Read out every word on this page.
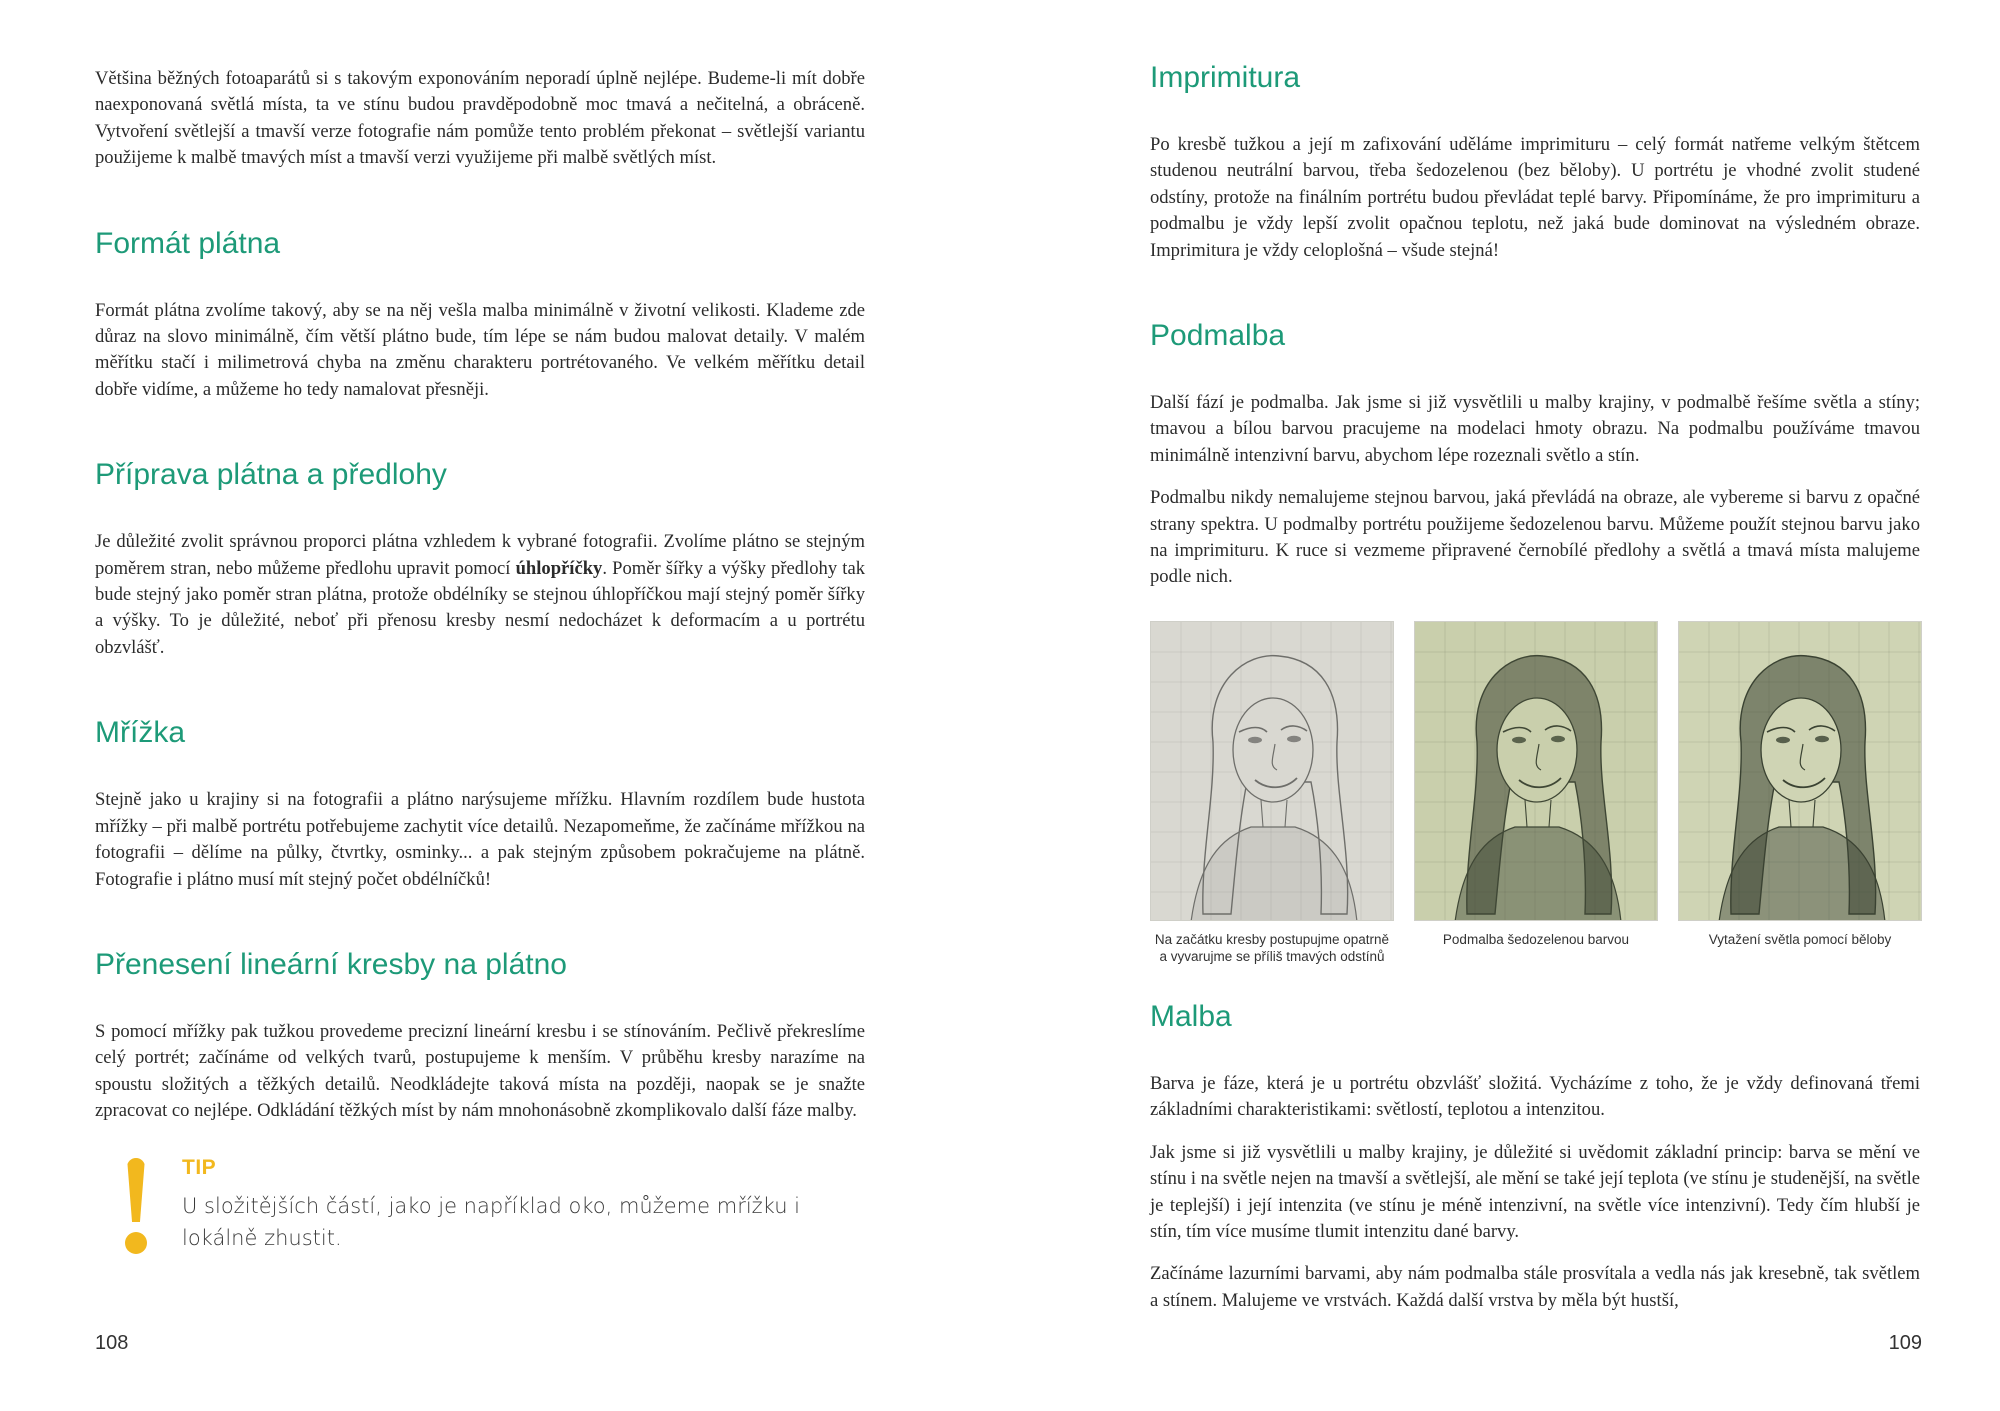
Většina běžných fotoaparátů si s takovým exponováním neporadí úplně nejlépe. Budeme-li mít dobře naexponovaná světlá místa, ta ve stínu budou pravděpodobně moc tmavá a nečitelná, a obráceně. Vytvoření světlejší a tmavší verze fotografie nám pomůže tento problém překonat – světlejší variantu použijeme k malbě tmavých míst a tmavší verzi využijeme při malbě světlých míst.

Formát plátna

Formát plátna zvolíme takový, aby se na něj vešla malba minimálně v životní velikosti. Klademe zde důraz na slovo minimálně, čím větší plátno bude, tím lépe se nám budou malovat detaily. V malém měřítku stačí i milimetrová chyba na změnu charakteru portrétovaného. Ve velkém měřítku detail dobře vidíme, a můžeme ho tedy namalovat přesněji.

Příprava plátna a předlohy

Je důležité zvolit správnou proporci plátna vzhledem k vybrané fotografii. Zvolíme plátno se stejným poměrem stran, nebo můžeme předlohu upravit pomocí úhlopříčky. Poměr šířky a výšky předlohy tak bude stejný jako poměr stran plátna, protože obdélníky se stejnou úhlopříčkou mají stejný poměr šířky a výšky. To je důležité, neboť při přenosu kresby nesmí nedocházet k deformacím a u portrétu obzvlášť.

Mřížka

Stejně jako u krajiny si na fotografii a plátno narýsujeme mřížku. Hlavním rozdílem bude hustota mřížky – při malbě portrétu potřebujeme zachytit více detailů. Nezapomeňme, že začínáme mřížkou na fotografii – dělíme na půlky, čtvrtky, osminky... a pak stejným způsobem pokračujeme na plátně. Fotografie i plátno musí mít stejný počet obdélníčků!

Přenesení lineární kresby na plátno

S pomocí mřížky pak tužkou provedeme precizní lineární kresbu i se stínováním. Pečlivě překreslíme celý portrét; začínáme od velkých tvarů, postupujeme k menším. V průběhu kresby narazíme na spoustu složitých a těžkých detailů. Neodkládejte taková místa na později, naopak se je snažte zpracovat co nejlépe. Odkládání těžkých míst by nám mnohonásobně zkomplikovalo další fáze malby.

TIP
U složitějších částí, jako je například oko, můžeme mřížku i lokálně zhustit.
108
Imprimitura

Po kresbě tužkou a její m zafixování uděláme imprimituru – celý formát natřeme velkým štětcem studenou neutrální barvou, třeba šedozelenou (bez běloby). U portrétu je vhodné zvolit studené odstíny, protože na finálním portrétu budou převládat teplé barvy. Připomínáme, že pro imprimituru a podmalbu je vždy lepší zvolit opačnou teplotu, než jaká bude dominovat na výsledném obraze. Imprimitura je vždy celoplošná – všude stejná!

Podmalba

Další fází je podmalba. Jak jsme si již vysvětlili u malby krajiny, v podmalbě řešíme světla a stíny; tmavou a bílou barvou pracujeme na modelaci hmoty obrazu. Na podmalbu používáme tmavou minimálně intenzivní barvu, abychom lépe rozeznali světlo a stín.

Podmalbu nikdy nemalujeme stejnou barvou, jaká převládá na obraze, ale vybereme si barvu z opačné strany spektra. U podmalby portrétu použijeme šedozelenou barvu. Můžeme použít stejnou barvu jako na imprimituru. K ruce si vezmeme připravené černobílé předlohy a světlá a tmavá místa malujeme podle nich.

Na začátku kresby postupujme opatrně a vyvarujme se příliš tmavých odstínů
Podmalba šedozelenou barvou	Vytažení světla pomocí běloby
Malba

Barva je fáze, která je u portrétu obzvlášť složitá. Vycházíme z toho, že je vždy definovaná třemi základními charakteristikami: světlostí, teplotou a intenzitou.

Jak jsme si již vysvětlili u malby krajiny, je důležité si uvědomit základní princip: barva se mění ve stínu i na světle nejen na tmavší a světlejší, ale mění se také její teplota (ve stínu je studenější, na světle je teplejší) i její intenzita (ve stínu je méně intenzivní, na světle více intenzivní). Tedy čím hlubší je stín, tím více musíme tlumit intenzitu dané barvy.

Začínáme lazurními barvami, aby nám podmalba stále prosvítala a vedla nás jak kresebně, tak světlem a stínem. Malujeme ve vrstvách. Každá další vrstva by měla být hustší,

109
